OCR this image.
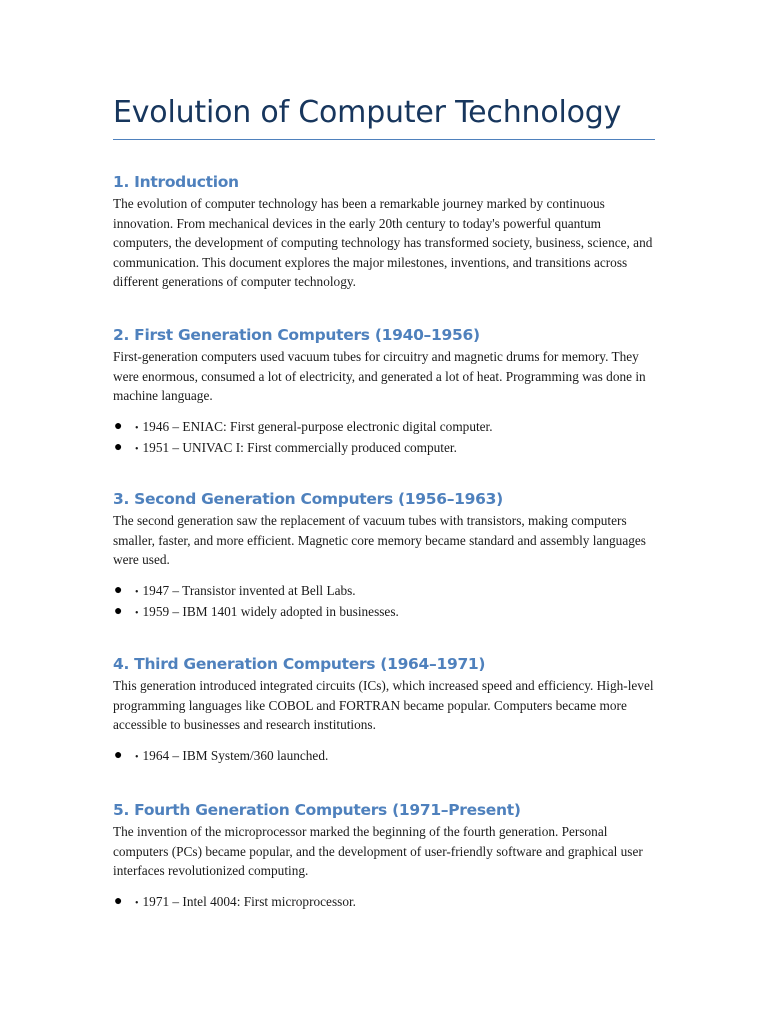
Evolution of Computer Technology
1. Introduction

The evolution of computer technology has been a remarkable journey marked by continuous innovation. From mechanical devices in the early 20th century to today's powerful quantum computers, the development of computing technology has transformed society, business, science, and communication. This document explores the major milestones, inventions, and transitions across different generations of computer technology.

2. First Generation Computers (1940–1956)

First-generation computers used vacuum tubes for circuitry and magnetic drums for memory. They were enormous, consumed a lot of electricity, and generated a lot of heat. Programming was done in machine language.

● • 1946 – ENIAC: First general-purpose electronic digital computer.
● • 1951 – UNIVAC I: First commercially produced computer.
3. Second Generation Computers (1956–1963)

The second generation saw the replacement of vacuum tubes with transistors, making computers smaller, faster, and more efficient. Magnetic core memory became standard and assembly languages were used.

● • 1947 – Transistor invented at Bell Labs.
● • 1959 – IBM 1401 widely adopted in businesses.
4. Third Generation Computers (1964–1971)

This generation introduced integrated circuits (ICs), which increased speed and efficiency. High-level programming languages like COBOL and FORTRAN became popular. Computers became more accessible to businesses and research institutions.

● • 1964 – IBM System/360 launched.
5. Fourth Generation Computers (1971–Present)

The invention of the microprocessor marked the beginning of the fourth generation. Personal computers (PCs) became popular, and the development of user-friendly software and graphical user interfaces revolutionized computing.

● • 1971 – Intel 4004: First microprocessor.
